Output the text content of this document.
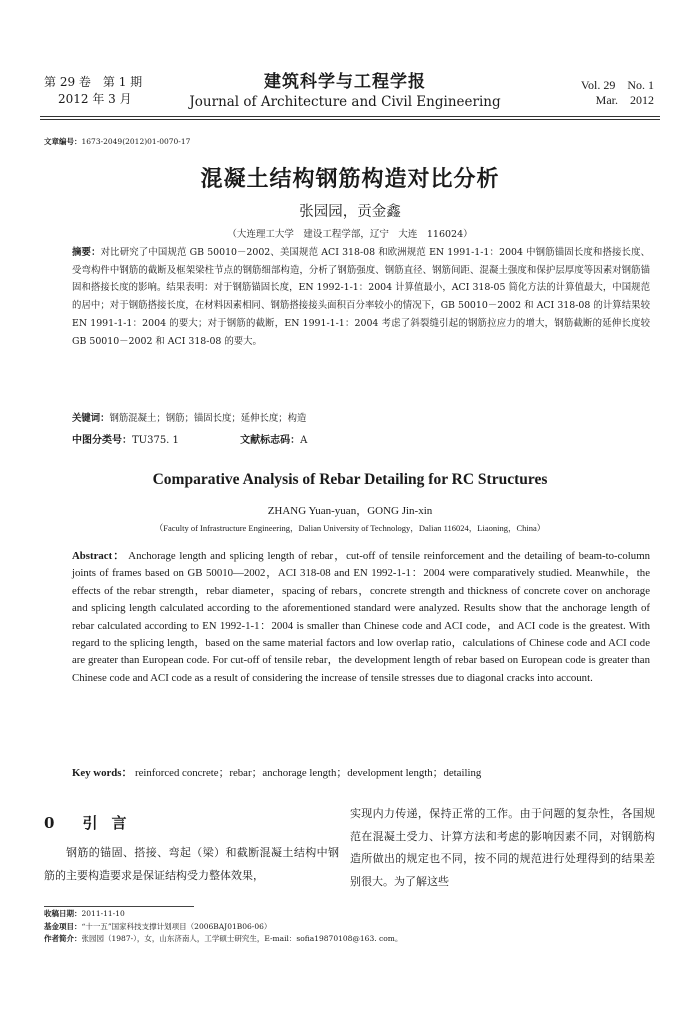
第 29 卷　第 1 期
2012 年 3 月
建筑科学与工程学报
Journal of Architecture and Civil Engineering
Vol. 29　No. 1
Mar.　2012
文章编号：1673-2049(2012)01-0070-17
混凝土结构钢筋构造对比分析
张园园，贡金鑫
（大连理工大学　建设工程学部，辽宁　大连　116024）
摘要：对比研究了中国规范 GB 50010－2002、美国规范 ACI 318-08 和欧洲规范 EN 1991-1-1：2004 中钢筋锚固长度和搭接长度、受弯构件中钢筋的截断及框架梁柱节点的钢筋细部构造，分析了钢筋强度、钢筋直径、钢筋间距、混凝土强度和保护层厚度等因素对钢筋锚固和搭接长度的影响。结果表明：对于钢筋锚固长度，EN 1992-1-1：2004 计算值最小，ACI 318-05 简化方法的计算值最大，中国规范的居中；对于钢筋搭接长度，在材料因素相同、钢筋搭接接头面积百分率较小的情况下，GB 50010－2002 和 ACI 318-08 的计算结果较 EN 1991-1-1：2004 的要大；对于钢筋的截断，EN 1991-1-1：2004 考虑了斜裂缝引起的钢筋拉应力的增大，钢筋截断的延伸长度较 GB 50010－2002 和 ACI 318-08 的要大。
关键词：钢筋混凝土；钢筋；锚固长度；延伸长度；构造
中图分类号：TU375. 1	文献标志码：A
Comparative Analysis of Rebar Detailing for RC Structures
ZHANG Yuan-yuan，GONG Jin-xin
（Faculty of Infrastructure Engineering，Dalian University of Technology，Dalian 116024，Liaoning，China）
Abstract： Anchorage length and splicing length of rebar，cut-off of tensile reinforcement and the detailing of beam-to-column joints of frames based on GB 50010—2002，ACI 318-08 and EN 1992-1-1：2004 were comparatively studied. Meanwhile，the effects of the rebar strength，rebar diameter，spacing of rebars，concrete strength and thickness of concrete cover on anchorage and splicing length calculated according to the aforementioned standard were analyzed. Results show that the anchorage length of rebar calculated according to EN 1992-1-1：2004 is smaller than Chinese code and ACI code，and ACI code is the greatest. With regard to the splicing length，based on the same material factors and low overlap ratio，calculations of Chinese code and ACI code are greater than European code. For cut-off of tensile rebar，the development length of rebar based on European code is greater than Chinese code and ACI code as a result of considering the increase of tensile stresses due to diagonal cracks into account.
Key words： reinforced concrete；rebar；anchorage length；development length；detailing
0 引言
钢筋的锚固、搭接、弯起（梁）和截断混凝土结构中钢筋的主要构造要求是保证结构受力整体效果，
实现内力传递，保持正常的工作。由于问题的复杂性，各国规范在混凝土受力、计算方法和考虑的影响因素不同，对钢筋构造所做出的规定也不同，按不同的规范进行处理得到的结果差别很大。为了解这些
收稿日期：2011-11-10
基金项目：“十一五”国家科技支撑计划项目（2006BAJ01B06-06）
作者简介：张园园（1987-），女，山东济南人，工学硕士研究生，E-mail：sofia19870108@163. com。
